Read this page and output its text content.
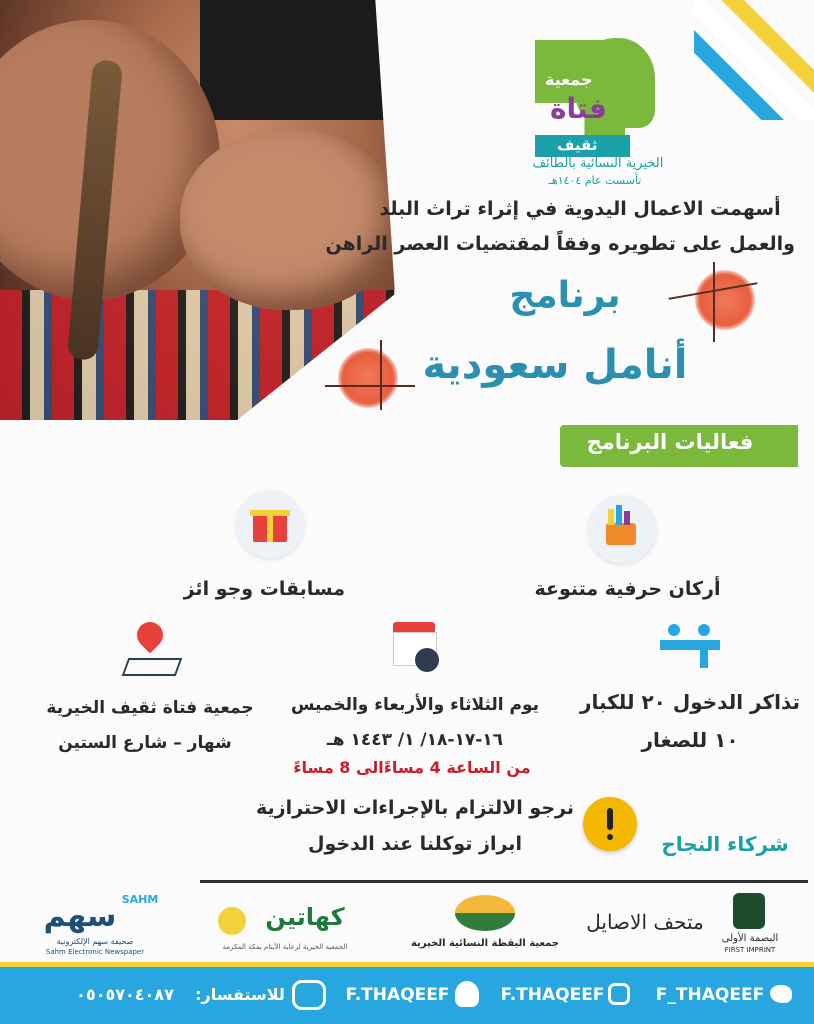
جمعية
فتاة
ثقيف
الخيرية النسائية بالطائف
تأسست عام ١٤٠٤هـ
أسهمت الاعمال اليدوية في إثراء تراث البلد
والعمل على تطويره وفقاً لمقتضيات العصر الراهن
برنامج
أنامل سعودية
فعاليات البرنامج
أركان حرفية متنوعة
مسابقات وجو ائز
تذاكر الدخول ٢٠ للكبار
١٠ للصغار
يوم الثلاثاء والأربعاء والخميس
١٦-١٧-١٨/ ١/ ١٤٤٣ هـ
من الساعة 4 مساءًالى 8 مساءً
جمعية فتاة ثقيف الخيرية
شهار – شارع الستين
نرجو الالتزام بالإجراءات الاحترازية
ابراز توكلنا عند الدخول	شركاء النجاح
البصمة الأولى
FIRST IMPRINT
متحف الاصايل
جمعية اليقظة النسائية الخيرية
كهاتين
الجمعية الخيرية لرعاية الأيتام بمكة المكرمة
SAHM
سهم
صحيفة سهم الإلكترونية
Sahm Electronic Newspaper
F_THAQEEF
F.THAQEEF
F.THAQEEF
للاستفسار:
٠٥٠٥٧٠٤٠٨٧
